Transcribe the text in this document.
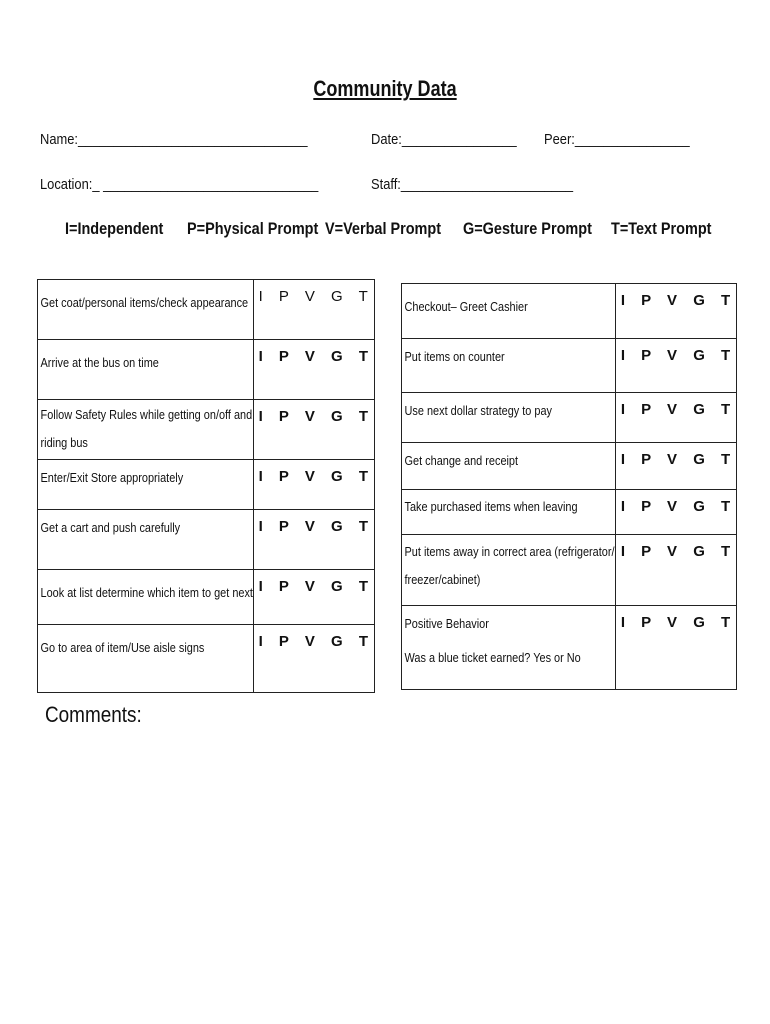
Community Data
Name:________________________________	Date:________________ Peer:________________
Location:_ ______________________________	Staff:________________________
I=Independent P=Physical Prompt V=Verbal Prompt G=Gesture Prompt T=Text Prompt
Get coat/personal items/check appearance	I P V G T

Arrive at the bus on time	I P V G T

Follow Safety Rules while getting on/off and riding bus	I P V G T

Enter/Exit Store appropriately	I P V G T

Get a cart and push carefully	I P V G T

Look at list determine which item to get next	I P V G T

Go to area of item/Use aisle signs	I P V G T
Checkout– Greet Cashier	I P V G T

Put items on counter	I P V G T

Use next dollar strategy to pay	I P V G T

Get change and receipt	I P V G T

Take purchased items when leaving	I P V G T

Put items away in correct area (refrigerator/ freezer/cabinet)	I P V G T

Positive Behavior
Was a blue ticket earned? Yes or No	I P V G T
Comments:
